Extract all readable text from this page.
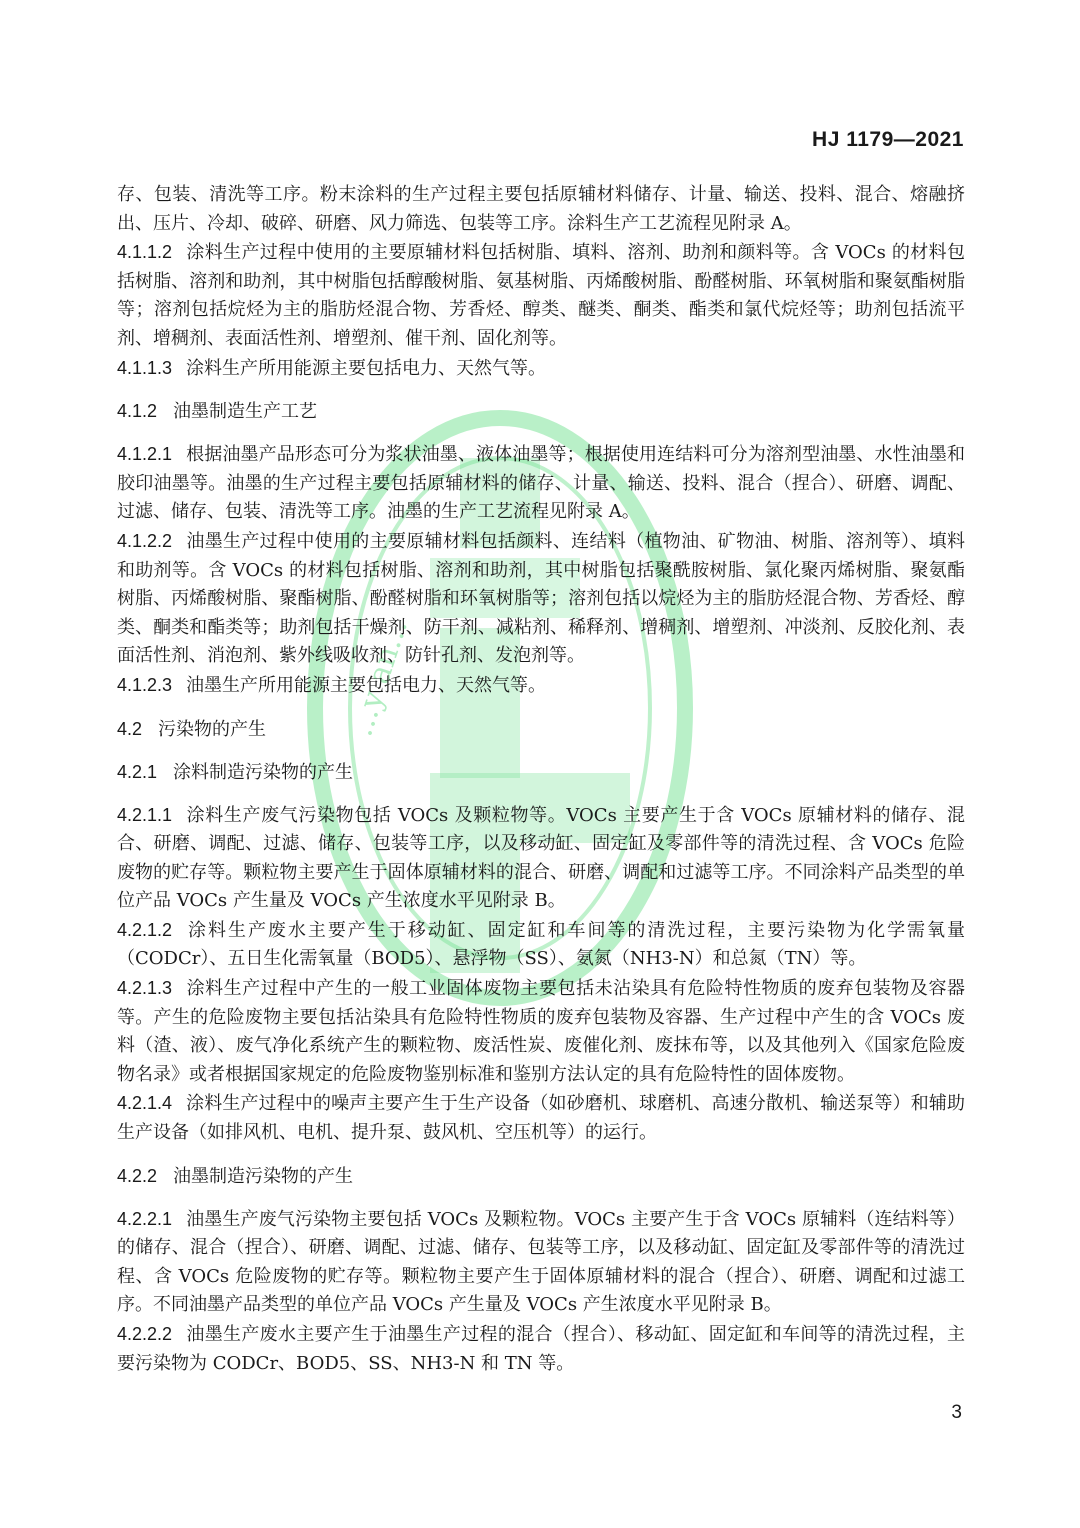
...y an...
HJ 1179—2021

存、包装、清洗等工序。粉末涂料的生产过程主要包括原辅材料储存、计量、输送、投料、混合、熔融挤出、压片、冷却、破碎、研磨、风力筛选、包装等工序。涂料生产工艺流程见附录 A。

4.1.1.2 涂料生产过程中使用的主要原辅材料包括树脂、填料、溶剂、助剂和颜料等。含 VOCs 的材料包括树脂、溶剂和助剂，其中树脂包括醇酸树脂、氨基树脂、丙烯酸树脂、酚醛树脂、环氧树脂和聚氨酯树脂等；溶剂包括烷烃为主的脂肪烃混合物、芳香烃、醇类、醚类、酮类、酯类和氯代烷烃等；助剂包括流平剂、增稠剂、表面活性剂、增塑剂、催干剂、固化剂等。

4.1.1.3 涂料生产所用能源主要包括电力、天然气等。

4.1.2 油墨制造生产工艺

4.1.2.1 根据油墨产品形态可分为浆状油墨、液体油墨等；根据使用连结料可分为溶剂型油墨、水性油墨和胶印油墨等。油墨的生产过程主要包括原辅材料的储存、计量、输送、投料、混合（捏合）、研磨、调配、过滤、储存、包装、清洗等工序。油墨的生产工艺流程见附录 A。

4.1.2.2 油墨生产过程中使用的主要原辅材料包括颜料、连结料（植物油、矿物油、树脂、溶剂等）、填料和助剂等。含 VOCs 的材料包括树脂、溶剂和助剂，其中树脂包括聚酰胺树脂、氯化聚丙烯树脂、聚氨酯树脂、丙烯酸树脂、聚酯树脂、酚醛树脂和环氧树脂等；溶剂包括以烷烃为主的脂肪烃混合物、芳香烃、醇类、酮类和酯类等；助剂包括干燥剂、防干剂、减粘剂、稀释剂、增稠剂、增塑剂、冲淡剂、反胶化剂、表面活性剂、消泡剂、紫外线吸收剂、防针孔剂、发泡剂等。

4.1.2.3 油墨生产所用能源主要包括电力、天然气等。

4.2 污染物的产生
4.2.1 涂料制造污染物的产生

4.2.1.1 涂料生产废气污染物包括 VOCs 及颗粒物等。VOCs 主要产生于含 VOCs 原辅材料的储存、混合、研磨、调配、过滤、储存、包装等工序，以及移动缸、固定缸及零部件等的清洗过程、含 VOCs 危险废物的贮存等。颗粒物主要产生于固体原辅材料的混合、研磨、调配和过滤等工序。不同涂料产品类型的单位产品 VOCs 产生量及 VOCs 产生浓度水平见附录 B。

4.2.1.2 涂料生产废水主要产生于移动缸、固定缸和车间等的清洗过程，主要污染物为化学需氧量（CODCr）、五日生化需氧量（BOD5）、悬浮物（SS）、氨氮（NH3-N）和总氮（TN）等。

4.2.1.3 涂料生产过程中产生的一般工业固体废物主要包括未沾染具有危险特性物质的废弃包装物及容器等。产生的危险废物主要包括沾染具有危险特性物质的废弃包装物及容器、生产过程中产生的含 VOCs 废料（渣、液）、废气净化系统产生的颗粒物、废活性炭、废催化剂、废抹布等，以及其他列入《国家危险废物名录》或者根据国家规定的危险废物鉴别标准和鉴别方法认定的具有危险特性的固体废物。

4.2.1.4 涂料生产过程中的噪声主要产生于生产设备（如砂磨机、球磨机、高速分散机、输送泵等）和辅助生产设备（如排风机、电机、提升泵、鼓风机、空压机等）的运行。

4.2.2 油墨制造污染物的产生

4.2.2.1 油墨生产废气污染物主要包括 VOCs 及颗粒物。VOCs 主要产生于含 VOCs 原辅料（连结料等）的储存、混合（捏合）、研磨、调配、过滤、储存、包装等工序，以及移动缸、固定缸及零部件等的清洗过程、含 VOCs 危险废物的贮存等。颗粒物主要产生于固体原辅材料的混合（捏合）、研磨、调配和过滤工序。不同油墨产品类型的单位产品 VOCs 产生量及 VOCs 产生浓度水平见附录 B。

4.2.2.2 油墨生产废水主要产生于油墨生产过程的混合（捏合）、移动缸、固定缸和车间等的清洗过程，主要污染物为 CODCr、BOD5、SS、NH3-N 和 TN 等。

3
